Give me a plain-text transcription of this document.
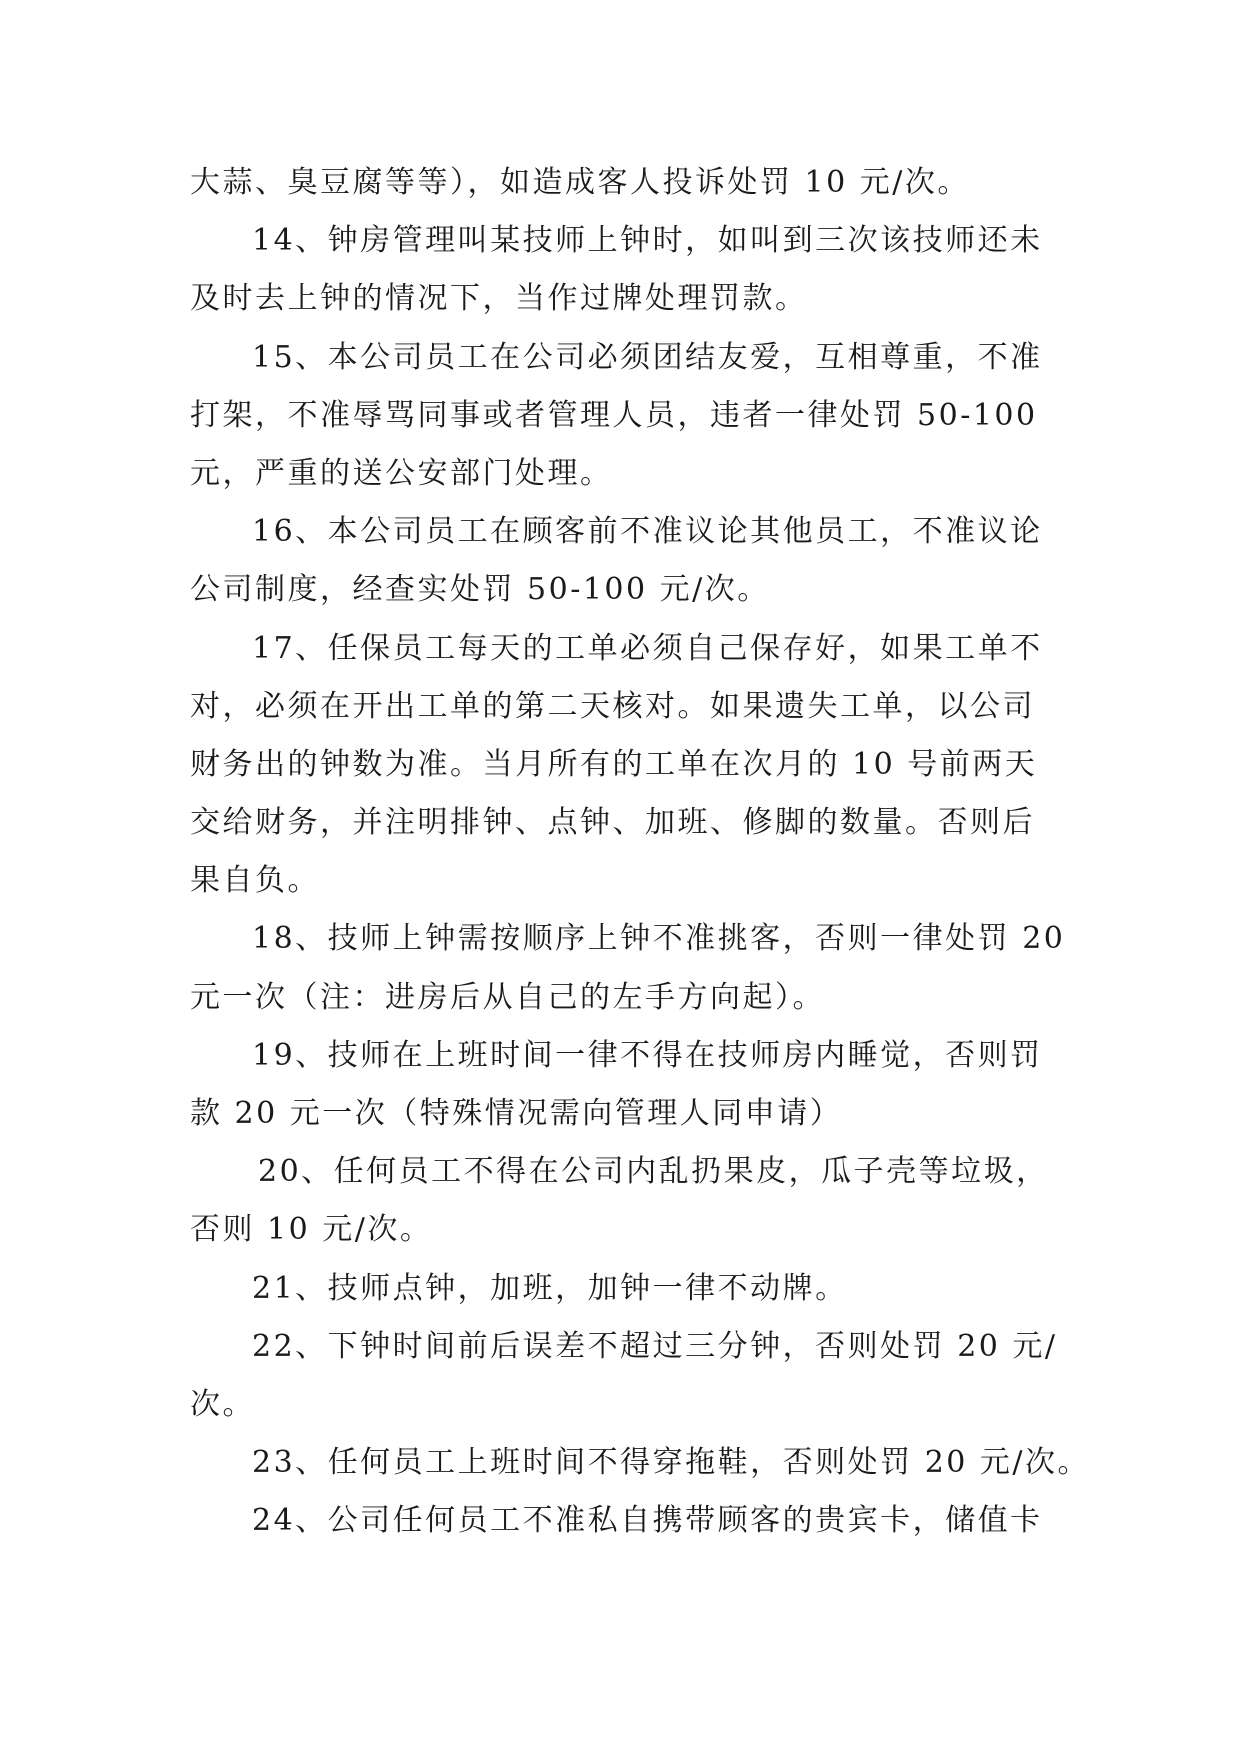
大蒜、臭豆腐等等），如造成客人投诉处罚 10 元/次。
14、钟房管理叫某技师上钟时，如叫到三次该技师还未
及时去上钟的情况下，当作过牌处理罚款。
15、本公司员工在公司必须团结友爱，互相尊重，不准
打架，不准辱骂同事或者管理人员，违者一律处罚 50-100
元，严重的送公安部门处理。
16、本公司员工在顾客前不准议论其他员工，不准议论
公司制度，经查实处罚 50-100 元/次。
17、任保员工每天的工单必须自己保存好，如果工单不
对，必须在开出工单的第二天核对。如果遗失工单，以公司
财务出的钟数为准。当月所有的工单在次月的 10 号前两天
交给财务，并注明排钟、点钟、加班、修脚的数量。否则后
果自负。
18、技师上钟需按顺序上钟不准挑客，否则一律处罚 20
元一次（注：进房后从自己的左手方向起）。
19、技师在上班时间一律不得在技师房内睡觉，否则罚
款 20 元一次（特殊情况需向管理人同申请）
20、任何员工不得在公司内乱扔果皮，瓜子壳等垃圾，
否则 10 元/次。
21、技师点钟，加班，加钟一律不动牌。
22、下钟时间前后误差不超过三分钟，否则处罚 20 元/
次。
23、任何员工上班时间不得穿拖鞋，否则处罚 20 元/次。
24、公司任何员工不准私自携带顾客的贵宾卡，储值卡
